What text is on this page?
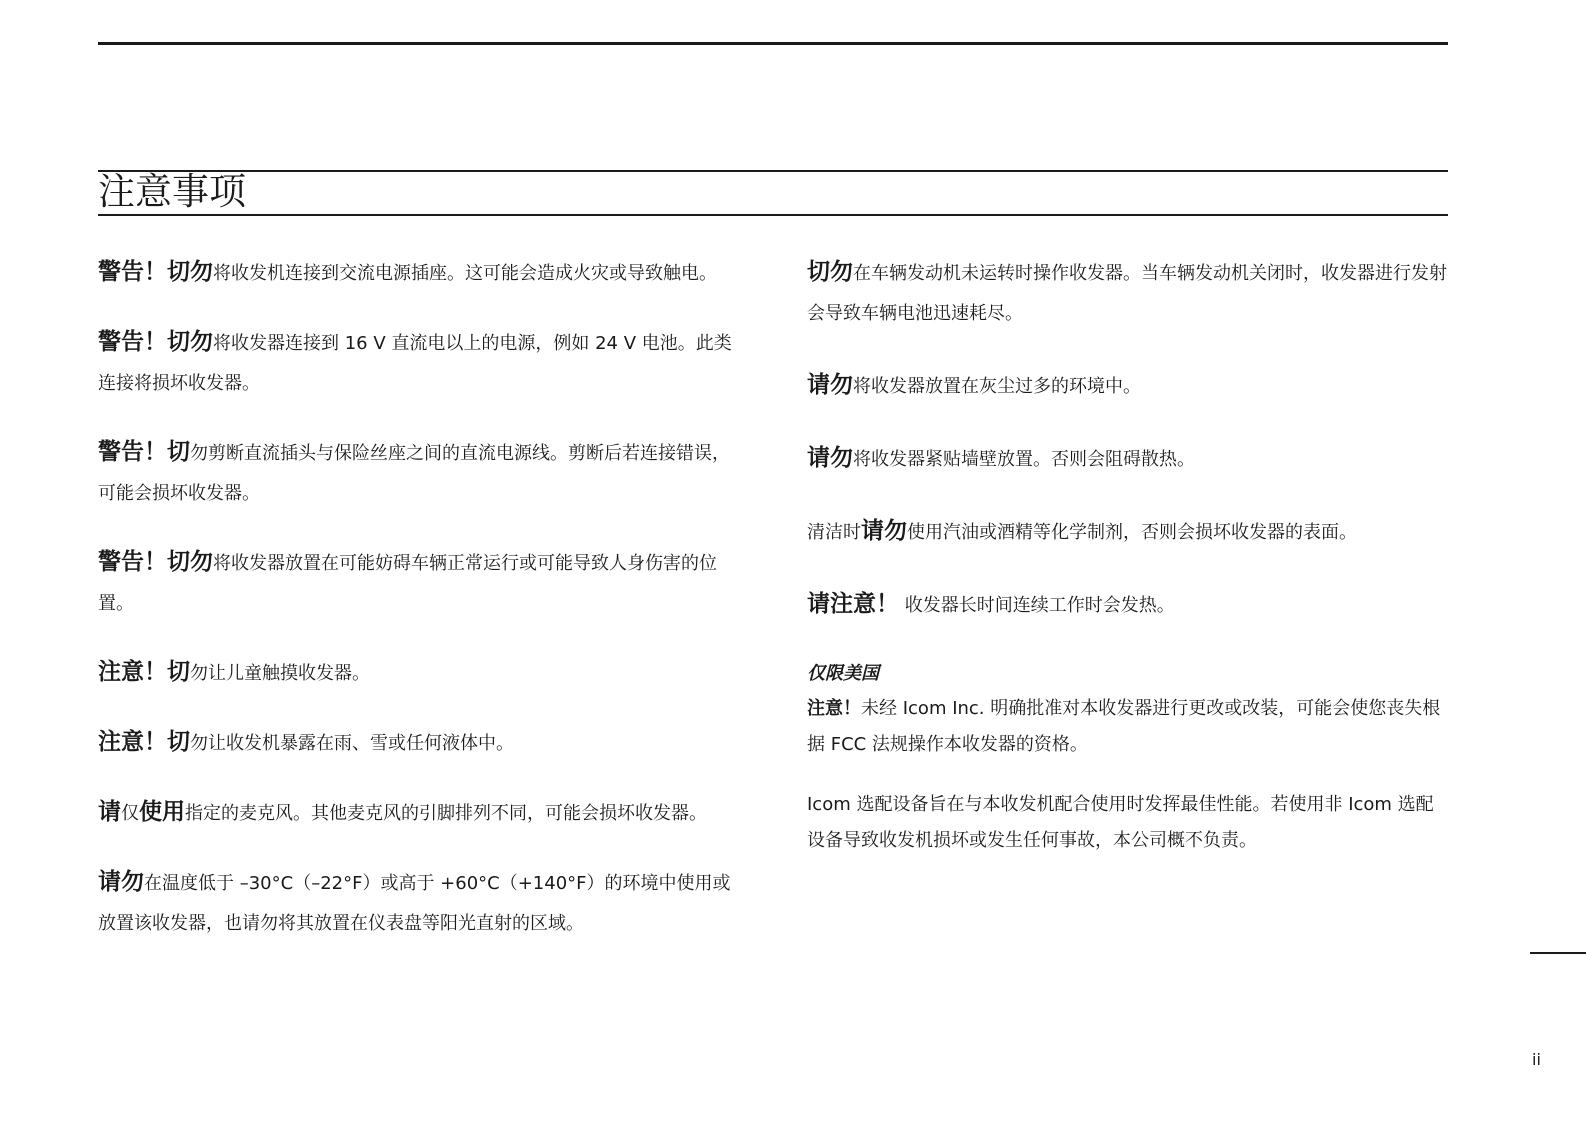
注意事项

警告！切勿将收发机连接到交流电源插座。这可能会造成火灾或导致触电。

警告！切勿将收发器连接到 16 V 直流电以上的电源，例如 24 V 电池。此类连接将损坏收发器。

警告！切勿剪断直流插头与保险丝座之间的直流电源线。剪断后若连接错误，可能会损坏收发器。

警告！切勿将收发器放置在可能妨碍车辆正常运行或可能导致人身伤害的位置。

注意！切勿让儿童触摸收发器。

注意！切勿让收发机暴露在雨、雪或任何液体中。

请仅使用指定的麦克风。其他麦克风的引脚排列不同，可能会损坏收发器。

请勿在温度低于 –30°C（–22°F）或高于 +60°C（+140°F）的环境中使用或放置该收发器，也请勿将其放置在仪表盘等阳光直射的区域。

切勿在车辆发动机未运转时操作收发器。当车辆发动机关闭时，收发器进行发射会导致车辆电池迅速耗尽。

请勿将收发器放置在灰尘过多的环境中。

请勿将收发器紧贴墙壁放置。否则会阻碍散热。

清洁时请勿使用汽油或酒精等化学制剂，否则会损坏收发器的表面。

请注意！ 收发器长时间连续工作时会发热。

仅限美国

注意！未经 Icom Inc. 明确批准对本收发器进行更改或改装，可能会使您丧失根据 FCC 法规操作本收发器的资格。

Icom 选配设备旨在与本收发机配合使用时发挥最佳性能。若使用非 Icom 选配设备导致收发机损坏或发生任何事故，本公司概不负责。

ii
